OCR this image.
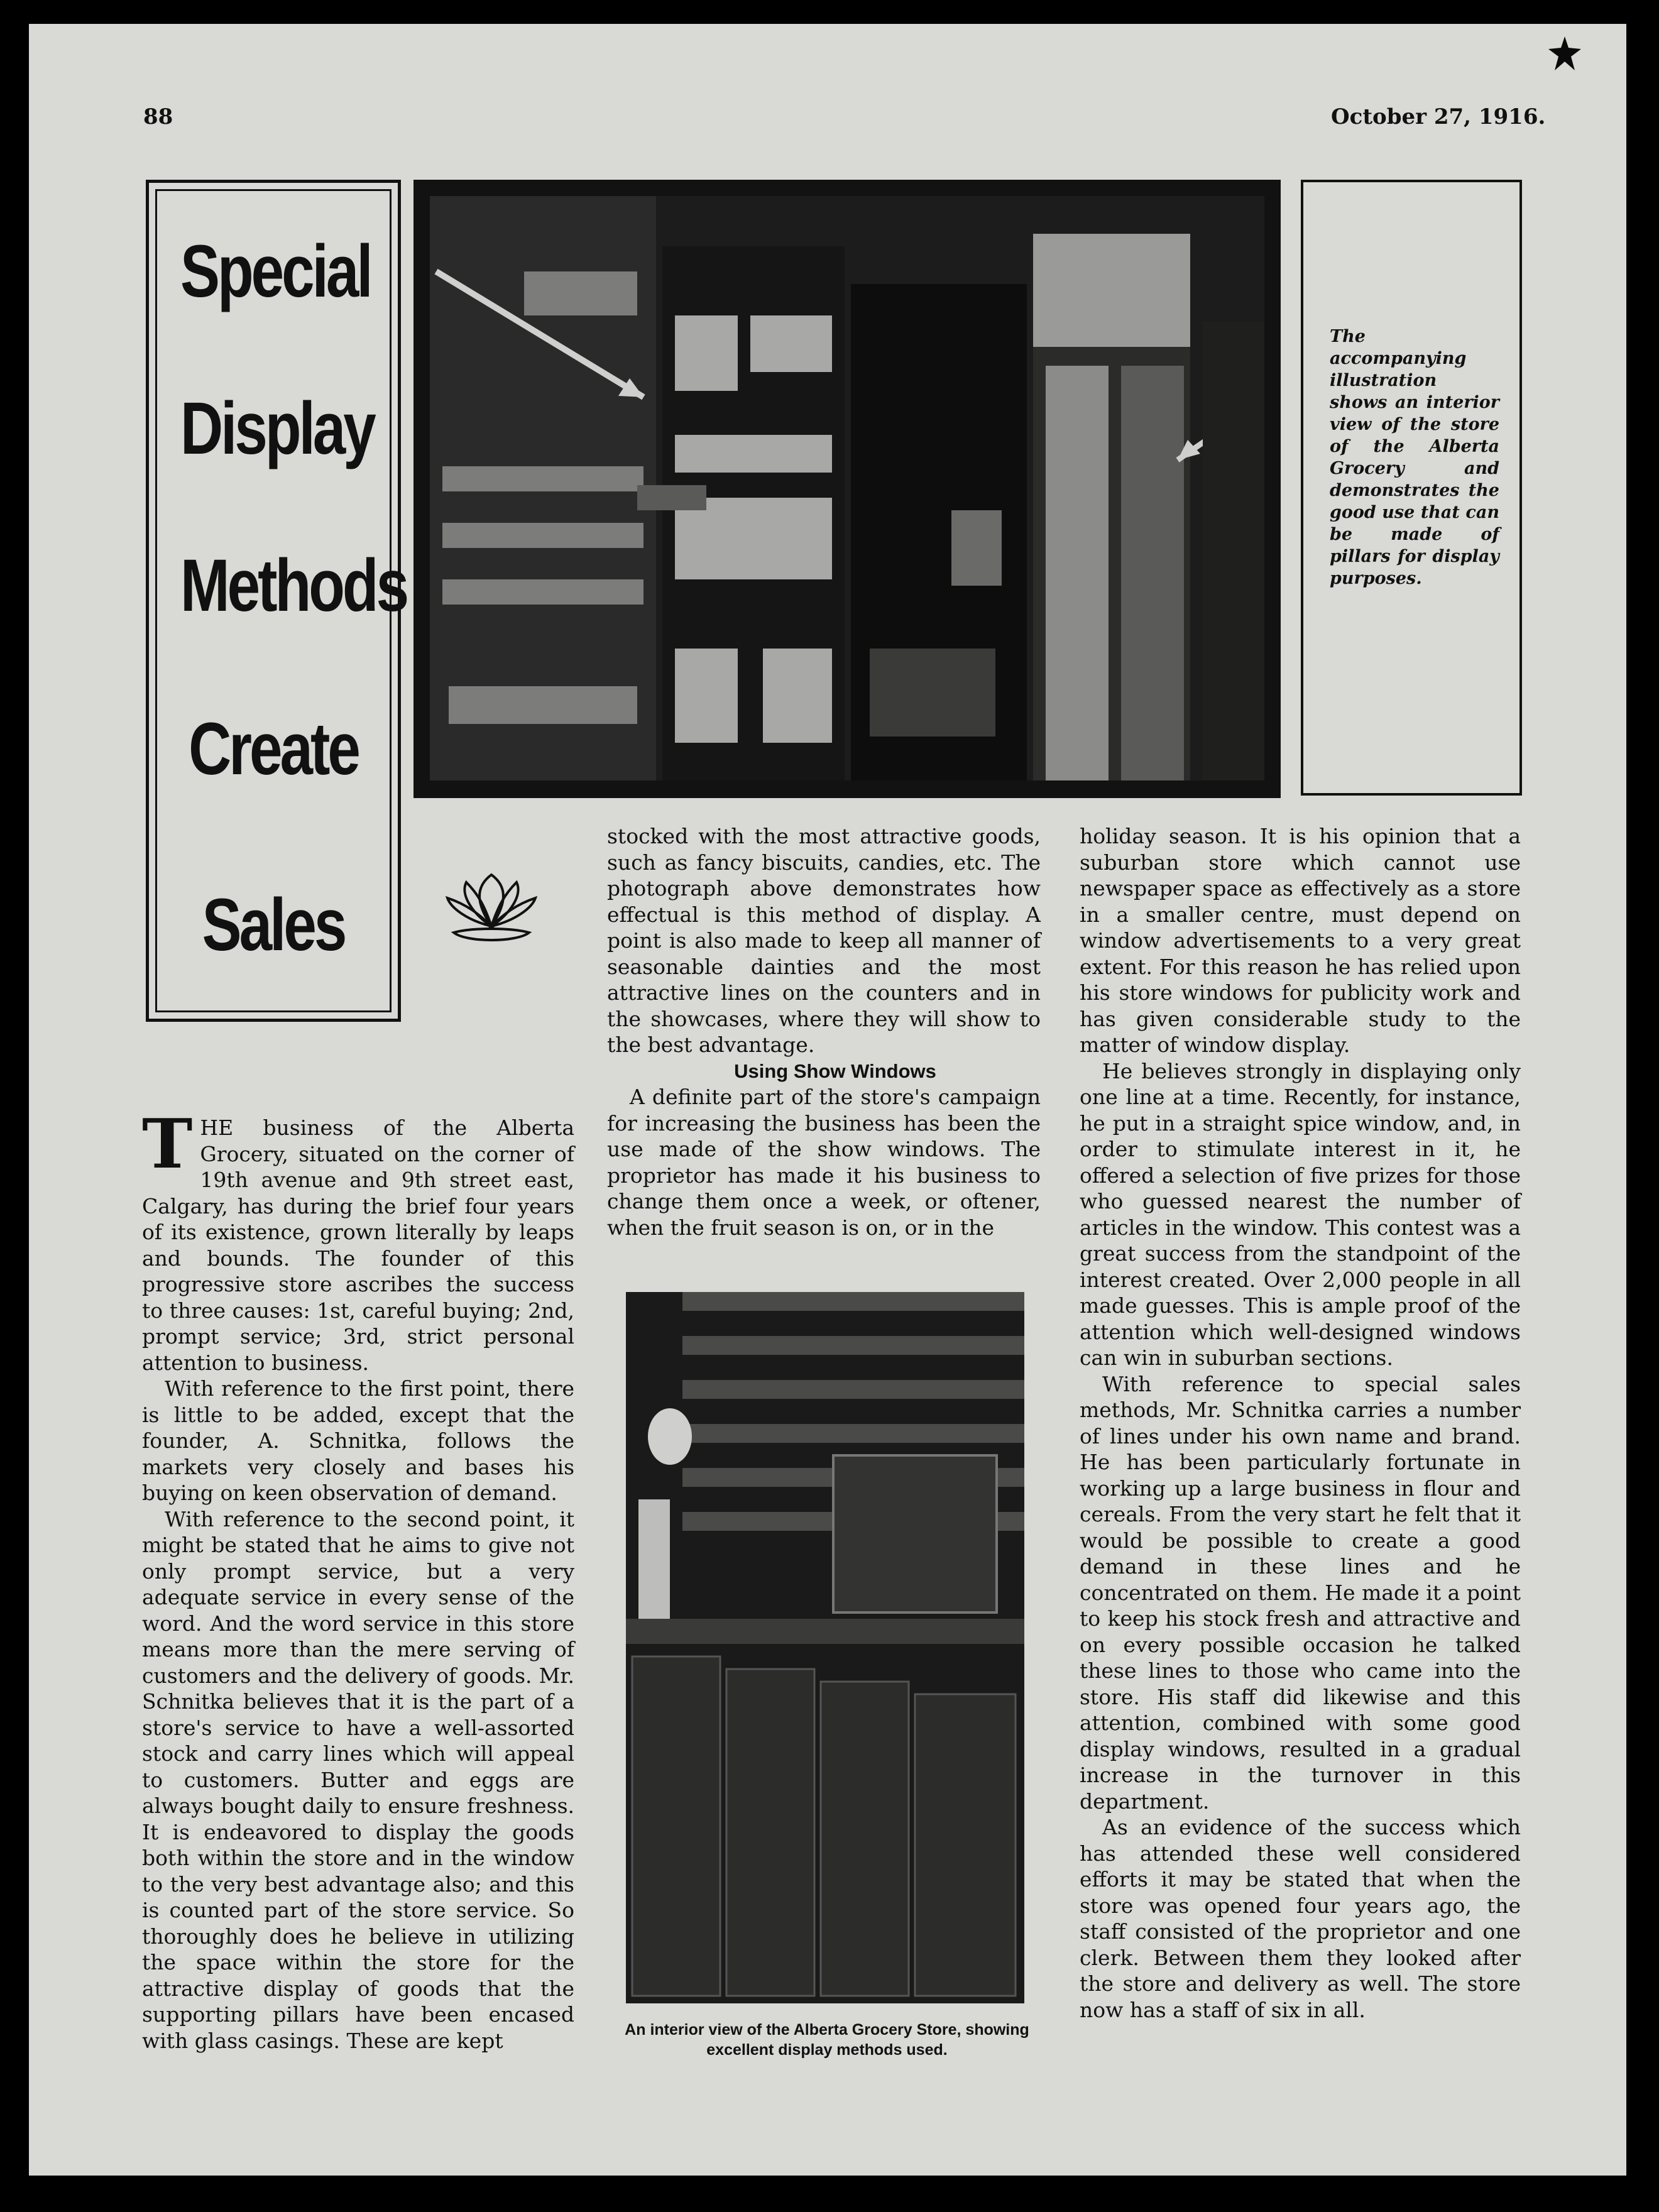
88	October 27, 1916.
Special
Display
Methods
Create
Sales
The accompanying illustration shows an interior view of the store of the Alberta Grocery and demonstrates the good use that can be made of pillars for display purposes.

THE business of the Alberta Grocery, situated on the corner of 19th avenue and 9th street east, Calgary, has during the brief four years of its existence, grown literally by leaps and bounds. The founder of this progressive store ascribes the success to three causes: 1st, careful buying; 2nd, prompt service; 3rd, strict personal attention to business.

With reference to the first point, there is little to be added, except that the founder, A. Schnitka, follows the markets very closely and bases his buying on keen observation of demand.

With reference to the second point, it might be stated that he aims to give not only prompt service, but a very adequate service in every sense of the word. And the word service in this store means more than the mere serving of customers and the delivery of goods. Mr. Schnitka believes that it is the part of a store's service to have a well-assorted stock and carry lines which will appeal to customers. Butter and eggs are always bought daily to ensure freshness. It is endeavored to display the goods both within the store and in the window to the very best advantage also; and this is counted part of the store service. So thoroughly does he believe in utilizing the space within the store for the attractive display of goods that the supporting pillars have been encased with glass casings. These are kept

stocked with the most attractive goods, such as fancy biscuits, candies, etc. The photograph above demonstrates how effectual is this method of display. A point is also made to keep all manner of seasonable dainties and the most attractive lines on the counters and in the showcases, where they will show to the best advantage.

Using Show Windows

A definite part of the store's campaign for increasing the business has been the use made of the show windows. The proprietor has made it his business to change them once a week, or oftener, when the fruit season is on, or in the

An interior view of the Alberta Grocery Store, showing excellent display methods used.

holiday season. It is his opinion that a suburban store which cannot use newspaper space as effectively as a store in a smaller centre, must depend on window advertisements to a very great extent. For this reason he has relied upon his store windows for publicity work and has given considerable study to the matter of window display.

He believes strongly in displaying only one line at a time. Recently, for instance, he put in a straight spice window, and, in order to stimulate interest in it, he offered a selection of five prizes for those who guessed nearest the number of articles in the window. This contest was a great success from the standpoint of the interest created. Over 2,000 people in all made guesses. This is ample proof of the attention which well-designed windows can win in suburban sections.

With reference to special sales methods, Mr. Schnitka carries a number of lines under his own name and brand. He has been particularly fortunate in working up a large business in flour and cereals. From the very start he felt that it would be possible to create a good demand in these lines and he concentrated on them. He made it a point to keep his stock fresh and attractive and on every possible occasion he talked these lines to those who came into the store. His staff did likewise and this attention, combined with some good display windows, resulted in a gradual increase in the turnover in this department.

As an evidence of the success which has attended these well considered efforts it may be stated that when the store was opened four years ago, the staff consisted of the proprietor and one clerk. Between them they looked after the store and delivery as well. The store now has a staff of six in all.
